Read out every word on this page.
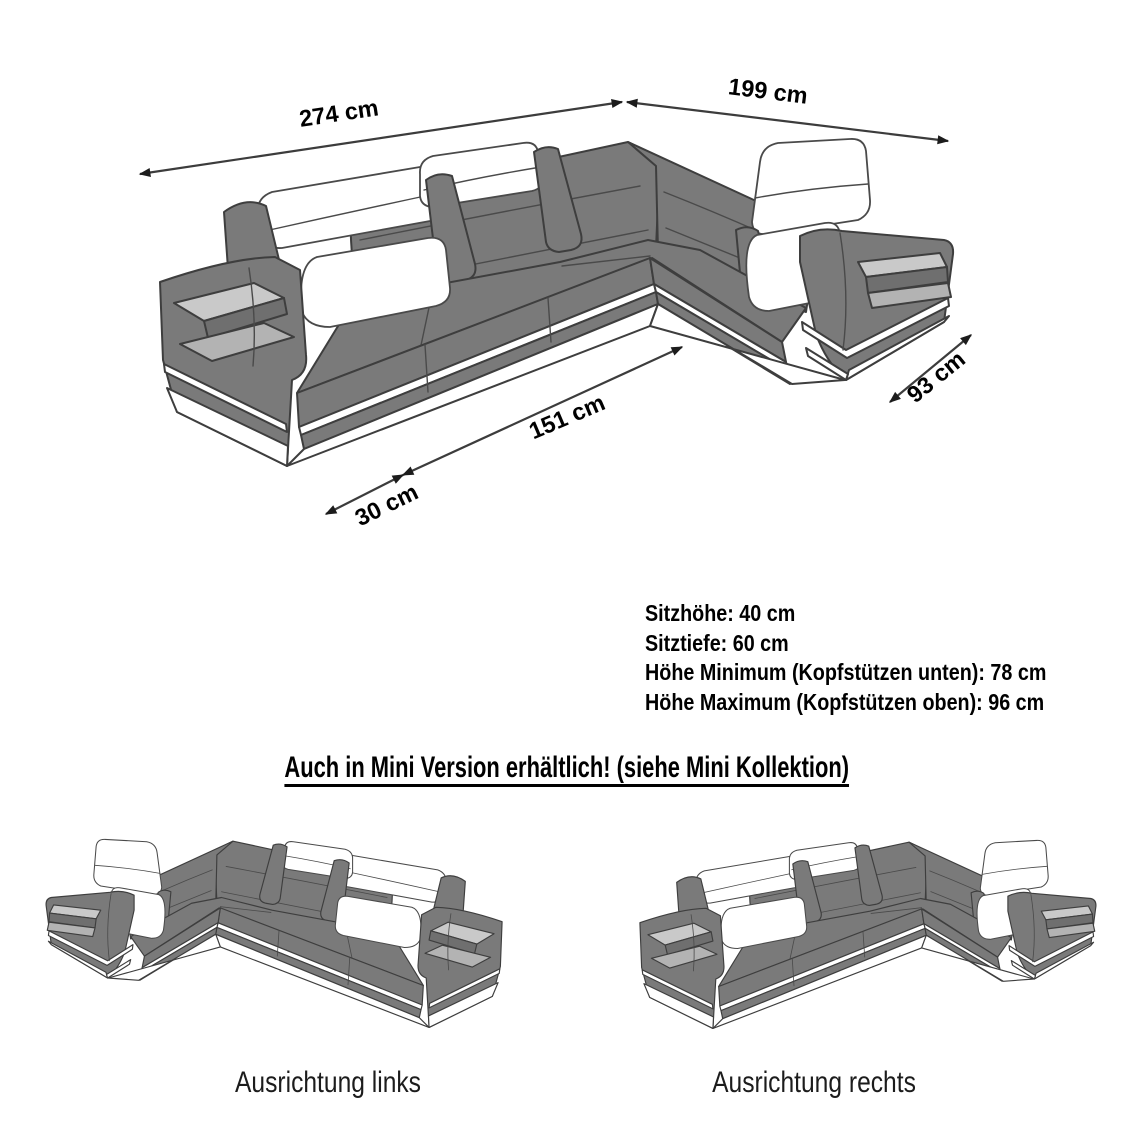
274 cm
199 cm
93 cm
151 cm
30 cm
Sitzhöhe: 40 cm
Sitztiefe: 60 cm
Höhe Minimum (Kopfstützen unten): 78 cm
Höhe Maximum (Kopfstützen oben): 96 cm
Auch in Mini Version erhältlich! (siehe Mini Kollektion)
Ausrichtung links	Ausrichtung rechts
